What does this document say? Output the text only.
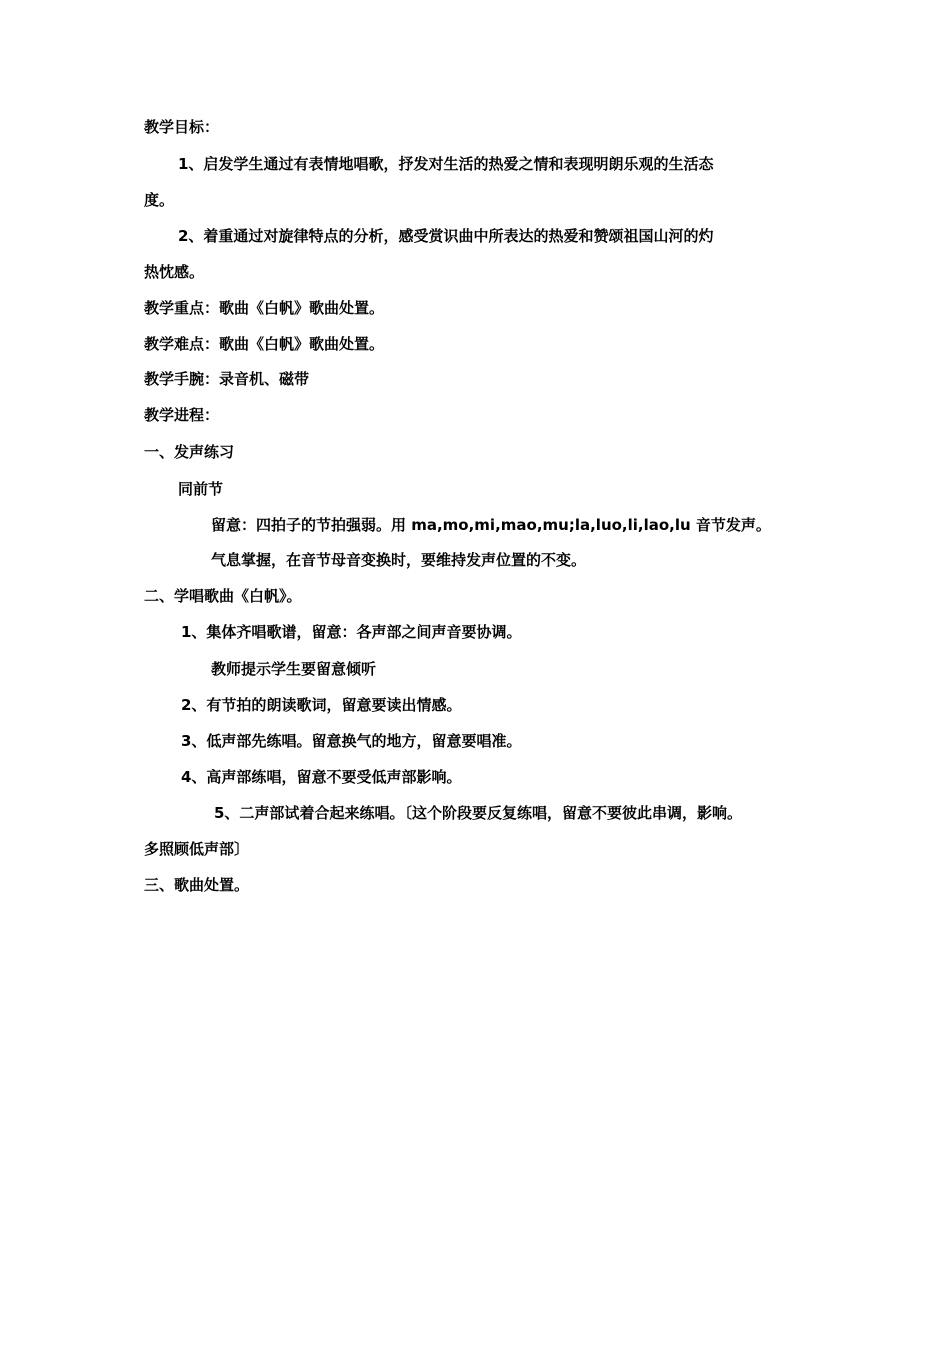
教学目标：
1、启发学生通过有表情地唱歌，抒发对生活的热爱之情和表现明朗乐观的生活态
度。
2、着重通过对旋律特点的分析，感受赏识曲中所表达的热爱和赞颂祖国山河的灼
热忱感。
教学重点：歌曲《白帆》歌曲处置。
教学难点：歌曲《白帆》歌曲处置。
教学手腕：录音机、磁带
教学进程：
一、发声练习
同前节
留意：四拍子的节拍强弱。用 ma,mo,mi,mao,mu;la,luo,li,lao,lu 音节发声。
气息掌握，在音节母音变换时，要维持发声位置的不变。
二、学唱歌曲《白帆》。
1、集体齐唱歌谱，留意：各声部之间声音要协调。
教师提示学生要留意倾听
2、有节拍的朗读歌词，留意要读出情感。
3、低声部先练唱。留意换气的地方，留意要唱准。
4、高声部练唱，留意不要受低声部影响。
5、二声部试着合起来练唱。〔这个阶段要反复练唱，留意不要彼此串调，影响。
多照顾低声部〕
三、歌曲处置。
